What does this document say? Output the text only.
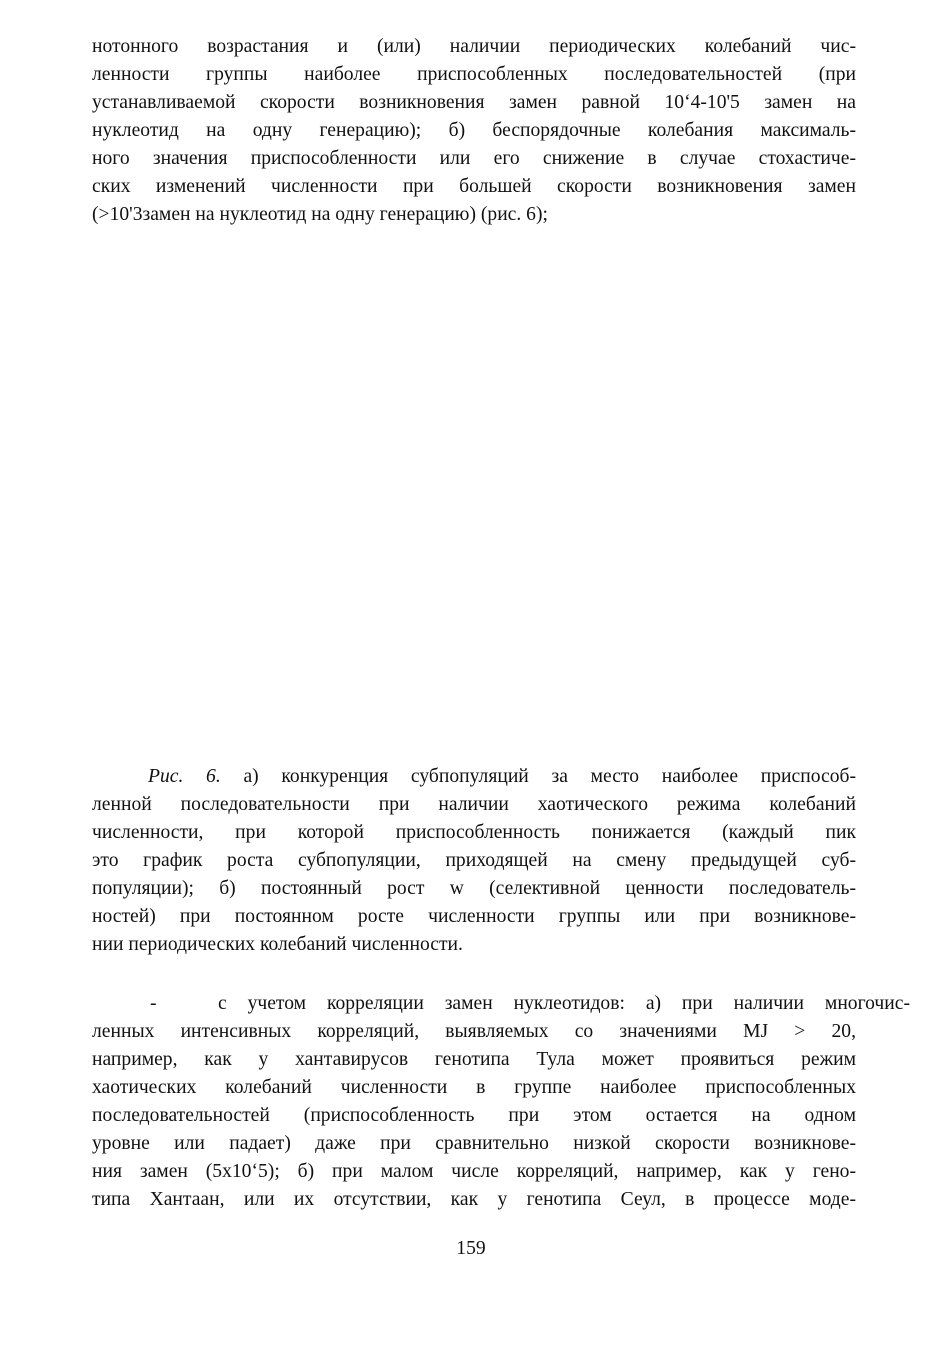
нотонного возрастания и (или) наличии периодических колебаний чис-
ленности группы наиболее приспособленных последовательностей (при
устанавливаемой скорости возникновения замен равной 10‘4-10'5 замен на
нуклеотид на одну генерацию); б) беспорядочные колебания максималь-
ного значения приспособленности или его снижение в случае стохастиче-
ских изменений численности при большей скорости возникновения замен
(>10'3замен на нуклеотид на одну генерацию) (рис. 6);
Рис. 6. а) конкуренция субпопуляций за место наиболее приспособ-
ленной последовательности при наличии хаотического режима колебаний
численности, при которой приспособленность понижается (каждый пик
это график роста субпопуляции, приходящей на смену предыдущей суб-
популяции); б) постоянный рост w (селективной ценности последователь-
ностей) при постоянном росте численности группы или при возникнове-
нии периодических колебаний численности.
-	с учетом корреляции замен нуклеотидов: а) при наличии многочис-
ленных интенсивных корреляций, выявляемых со значениями MJ > 20,
например, как у хантавирусов генотипа Тула может проявиться режим
хаотических колебаний численности в группе наиболее приспособленных
последовательностей (приспособленность при этом остается на одном
уровне или падает) даже при сравнительно низкой скорости возникнове-
ния замен (5x10‘5); б) при малом числе корреляций, например, как у гено-
типа Хантаан, или их отсутствии, как у генотипа Сеул, в процессе моде-
159
